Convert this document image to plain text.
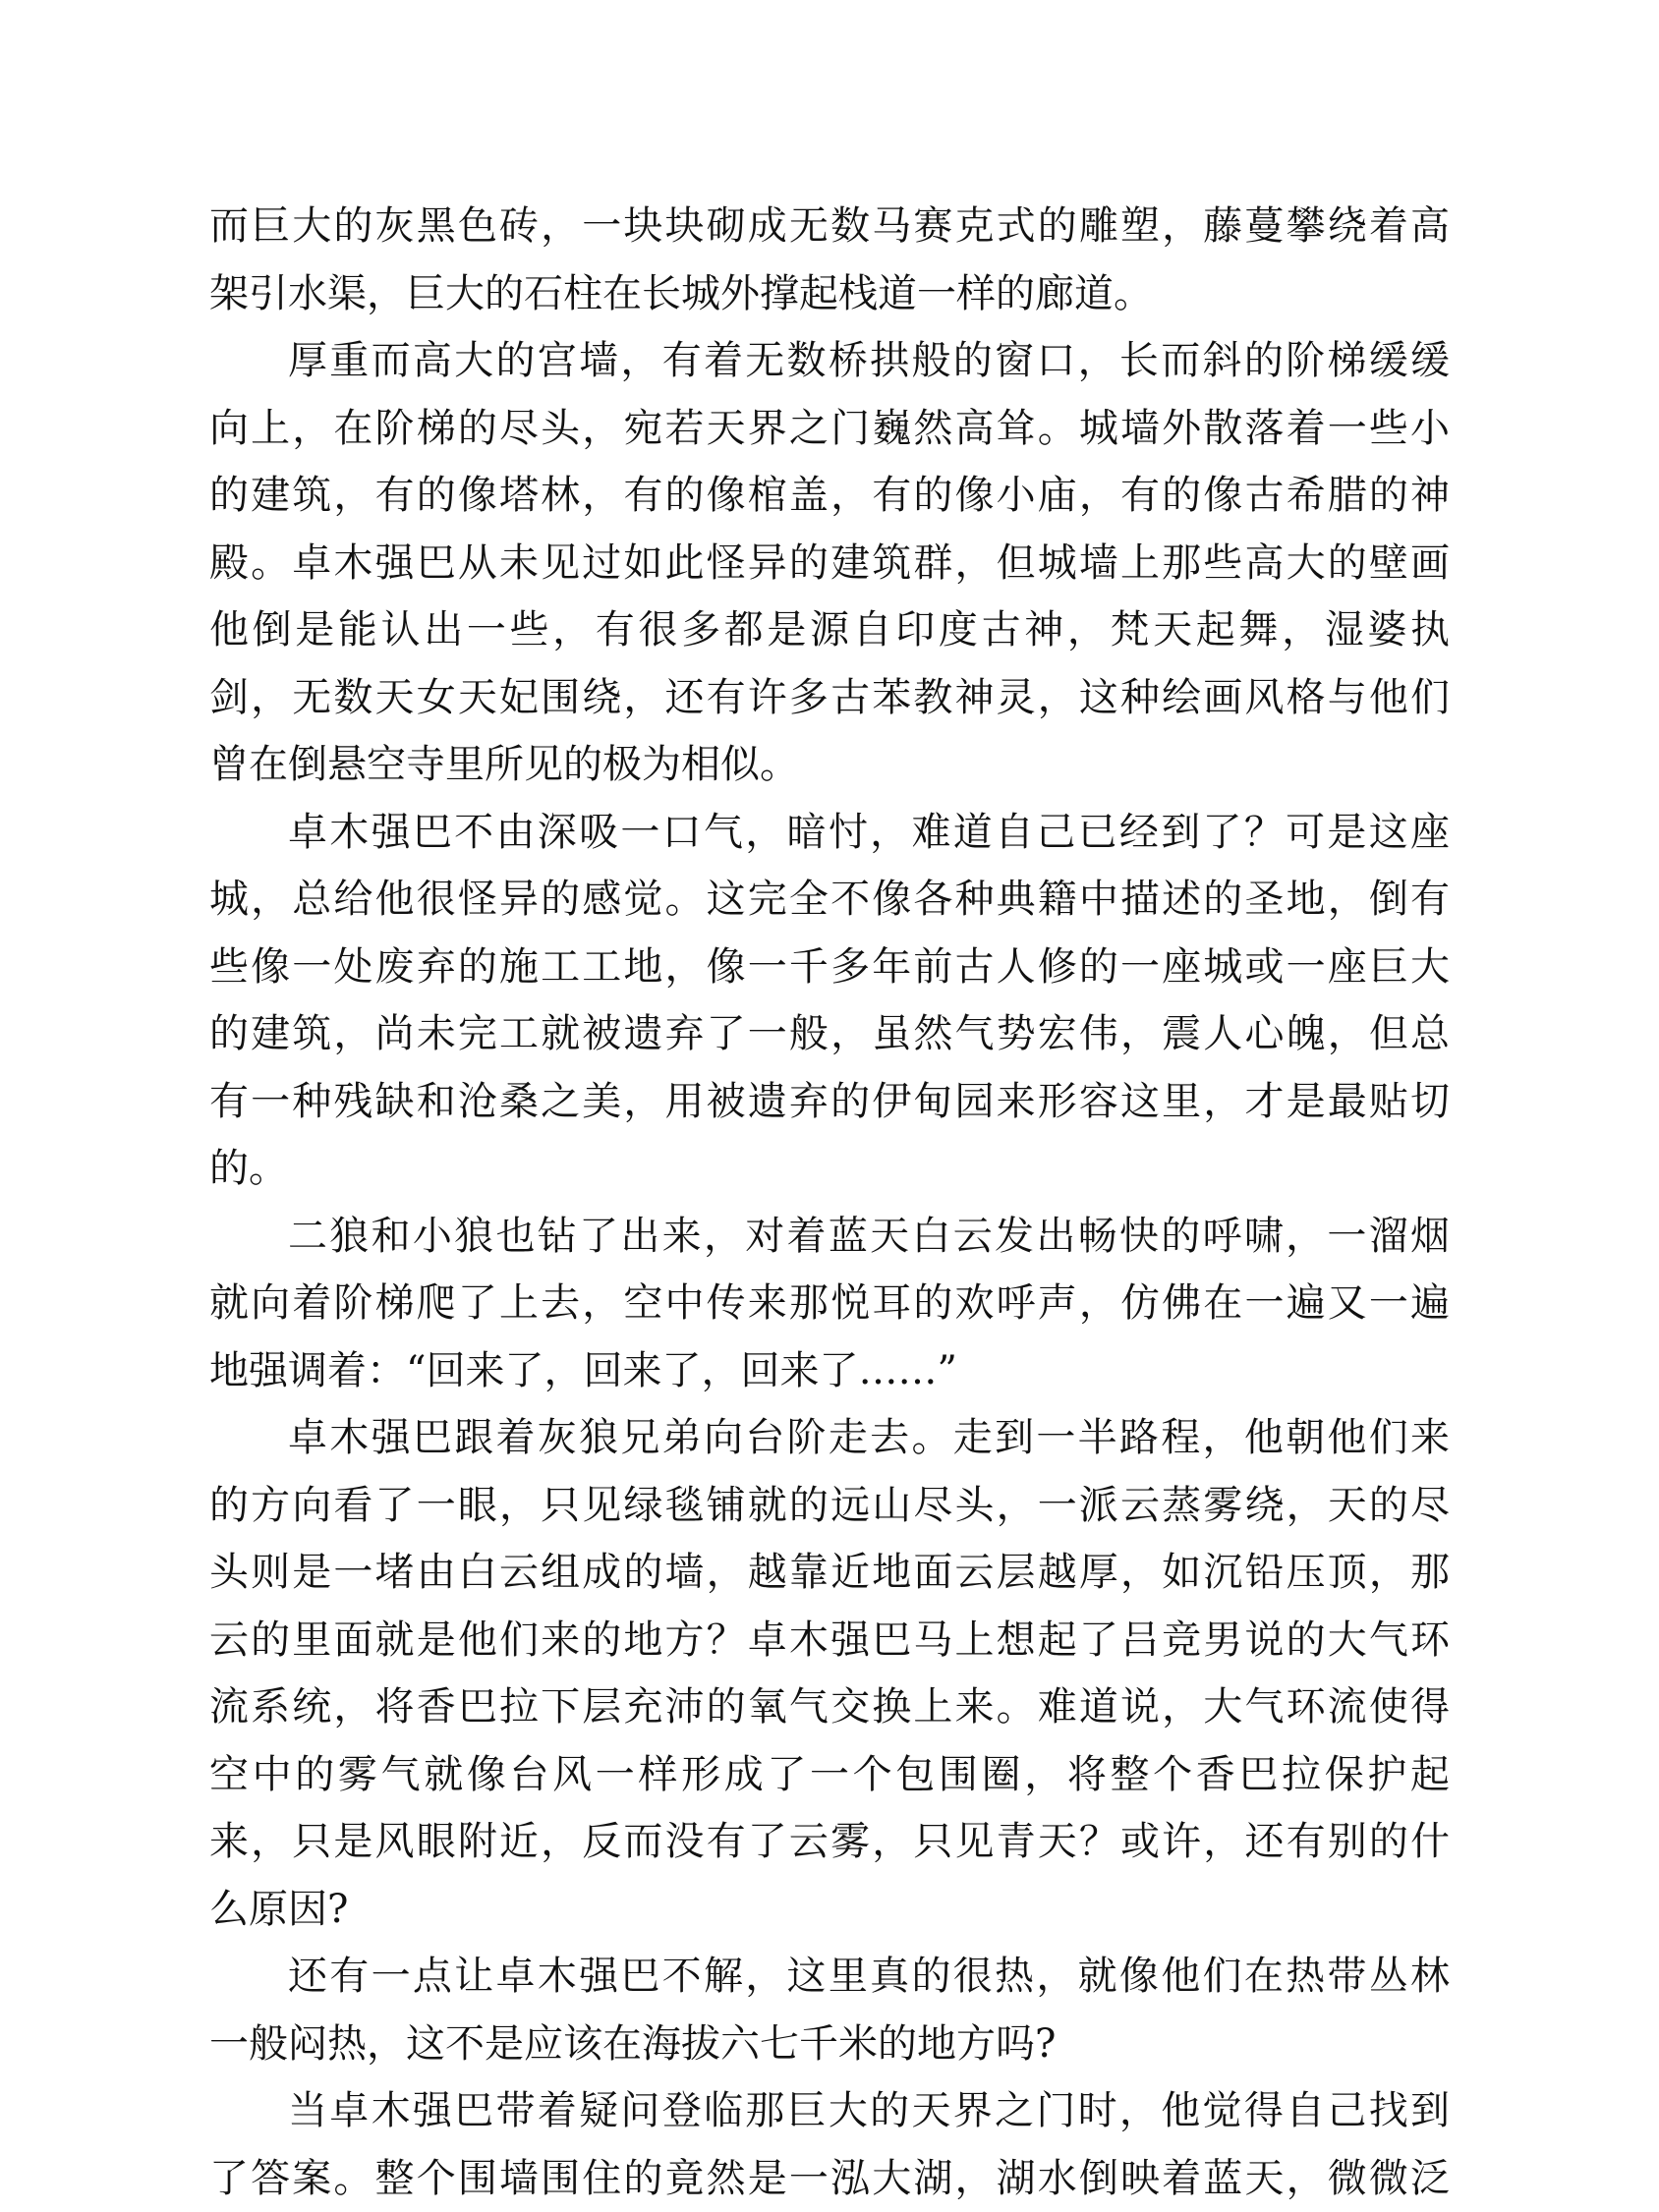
而巨大的灰黑色砖，一块块砌成无数马赛克式的雕塑，藤蔓攀绕着高
架引水渠，巨大的石柱在长城外撑起栈道一样的廊道。
厚重而高大的宫墙，有着无数桥拱般的窗口，长而斜的阶梯缓缓
向上，在阶梯的尽头，宛若天界之门巍然高耸。城墙外散落着一些小
的建筑，有的像塔林，有的像棺盖，有的像小庙，有的像古希腊的神
殿。卓木强巴从未见过如此怪异的建筑群，但城墙上那些高大的壁画
他倒是能认出一些，有很多都是源自印度古神，梵天起舞，湿婆执
剑，无数天女天妃围绕，还有许多古苯教神灵，这种绘画风格与他们
曾在倒悬空寺里所见的极为相似。
卓木强巴不由深吸一口气，暗忖，难道自己已经到了？可是这座
城，总给他很怪异的感觉。这完全不像各种典籍中描述的圣地，倒有
些像一处废弃的施工工地，像一千多年前古人修的一座城或一座巨大
的建筑，尚未完工就被遗弃了一般，虽然气势宏伟，震人心魄，但总
有一种残缺和沧桑之美，用被遗弃的伊甸园来形容这里，才是最贴切
的。
二狼和小狼也钻了出来，对着蓝天白云发出畅快的呼啸，一溜烟
就向着阶梯爬了上去，空中传来那悦耳的欢呼声，仿佛在一遍又一遍
地强调着：“回来了，回来了，回来了……”
卓木强巴跟着灰狼兄弟向台阶走去。走到一半路程，他朝他们来
的方向看了一眼，只见绿毯铺就的远山尽头，一派云蒸雾绕，天的尽
头则是一堵由白云组成的墙，越靠近地面云层越厚，如沉铅压顶，那
云的里面就是他们来的地方？卓木强巴马上想起了吕竞男说的大气环
流系统，将香巴拉下层充沛的氧气交换上来。难道说，大气环流使得
空中的雾气就像台风一样形成了一个包围圈，将整个香巴拉保护起
来，只是风眼附近，反而没有了云雾，只见青天？或许，还有别的什
么原因?
还有一点让卓木强巴不解，这里真的很热，就像他们在热带丛林
一般闷热，这不是应该在海拔六七千米的地方吗?
当卓木强巴带着疑问登临那巨大的天界之门时，他觉得自己找到
了答案。整个围墙围住的竟然是一泓大湖，湖水倒映着蓝天，微微泛
